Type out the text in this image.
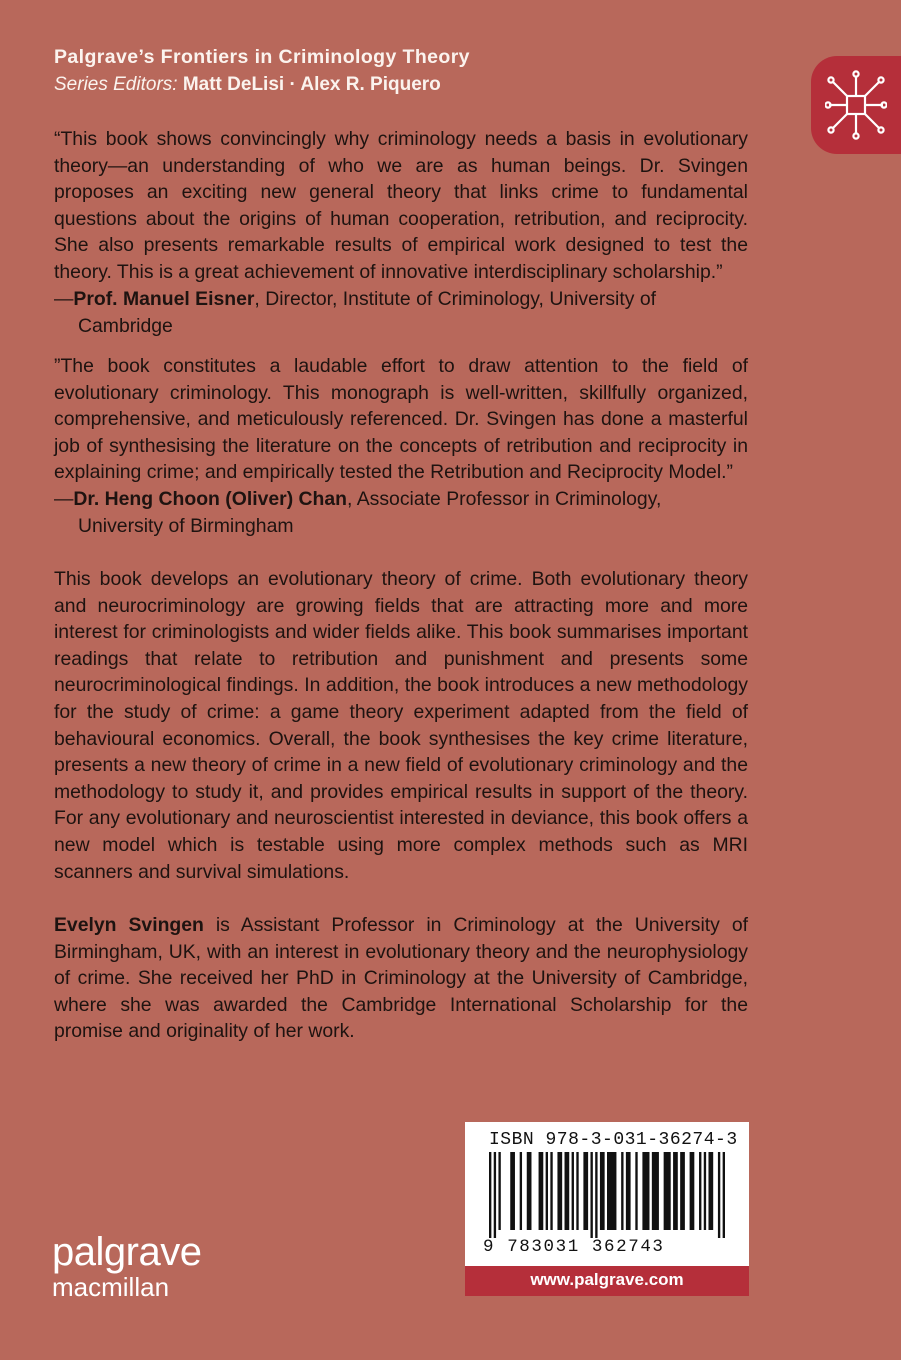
Palgrave’s Frontiers in Criminology Theory
Series Editors: Matt DeLisi · Alex R. Piquero
“This book shows convincingly why criminology needs a basis in evolutionary theory—an understanding of who we are as human beings. Dr. Svingen proposes an exciting new general theory that links crime to fundamental questions about the origins of human cooperation, retribution, and reciprocity. She also presents remarkable results of empirical work designed to test the theory. This is a great achievement of innovative interdisciplinary scholarship.”
—Prof. Manuel Eisner, Director, Institute of Criminology, University of
Cambridge
”The book constitutes a laudable effort to draw attention to the field of evolutionary criminology. This monograph is well-written, skillfully organized, comprehensive, and meticulously referenced. Dr. Svingen has done a masterful job of synthesising the literature on the concepts of retribution and reciprocity in explaining crime; and empirically tested the Retribution and Reciprocity Model.”
—Dr. Heng Choon (Oliver) Chan, Associate Professor in Criminology,
University of Birmingham
This book develops an evolutionary theory of crime. Both evolutionary theory and neurocriminology are growing fields that are attracting more and more interest for criminologists and wider fields alike. This book summarises important readings that relate to retribution and punishment and presents some neurocriminological findings. In addition, the book introduces a new methodology for the study of crime: a game theory experiment adapted from the field of behavioural economics. Overall, the book synthesises the key crime literature, presents a new theory of crime in a new field of evolutionary criminology and the methodology to study it, and provides empirical results in support of the theory. For any evolutionary and neuroscientist interested in deviance, this book offers a new model which is testable using more complex methods such as MRI scanners and survival simulations.
Evelyn Svingen is Assistant Professor in Criminology at the University of Birmingham, UK, with an interest in evolutionary theory and the neurophysiology of crime. She received her PhD in Criminology at the University of Cambridge, where she was awarded the Cambridge International Scholarship for the promise and originality of her work.
palgrave
macmillan
ISBN 978-3-031-36274-3
9 783031 362743
www.palgrave.com
